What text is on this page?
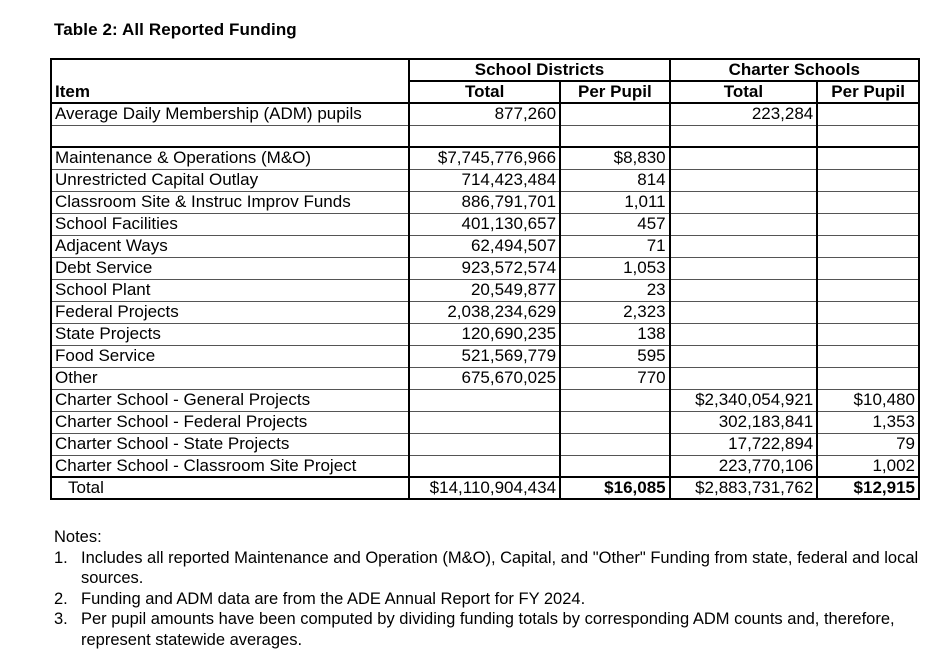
Table 2: All Reported Funding
Item	School Districts		Charter Schools	
	Total	Per Pupil	Total	Per Pupil
Average Daily Membership (ADM) pupils	877,260		223,284	

Maintenance & Operations (M&O)	$7,745,776,966	$8,830		
Unrestricted Capital Outlay	714,423,484	814		
Classroom Site & Instruc Improv Funds	886,791,701	1,011		
School Facilities	401,130,657	457		
Adjacent Ways	62,494,507	71		
Debt Service	923,572,574	1,053		
School Plant	20,549,877	23		
Federal Projects	2,038,234,629	2,323		
State Projects	120,690,235	138		
Food Service	521,569,779	595		
Other	675,670,025	770		
Charter School - General Projects			$2,340,054,921	$10,480
Charter School - Federal Projects			302,183,841	1,353
Charter School - State Projects			17,722,894	79
Charter School - Classroom Site Project			223,770,106	1,002
Total	$14,110,904,434	$16,085	$2,883,731,762	$12,915
Notes:
1. Includes all reported Maintenance and Operation (M&O), Capital, and "Other" Funding from state, federal and local sources.
2. Funding and ADM data are from the ADE Annual Report for FY 2024.
3. Per pupil amounts have been computed by dividing funding totals by corresponding ADM counts and, therefore, represent statewide averages.
